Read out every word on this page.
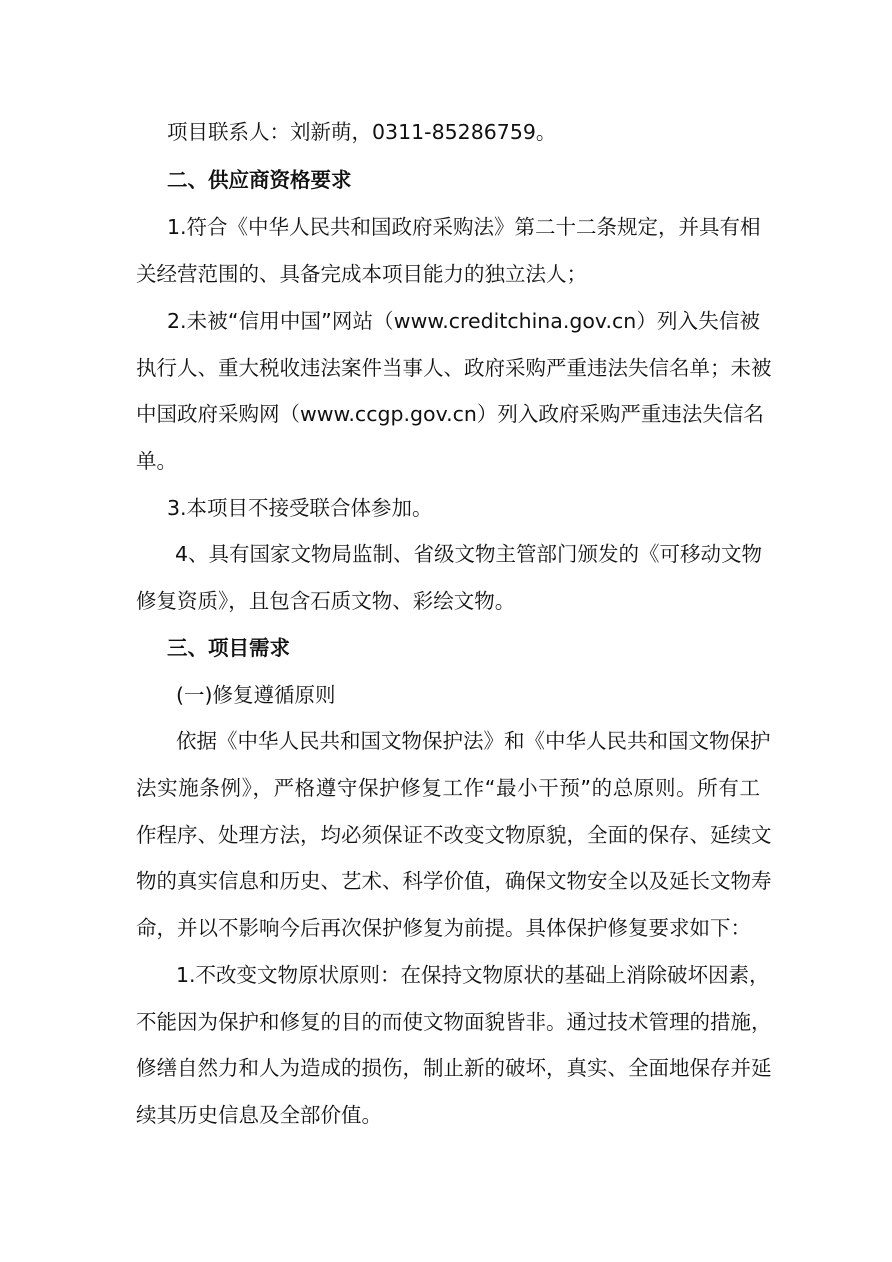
项目联系人：刘新萌，0311-85286759。
二、供应商资格要求
1.符合《中华人民共和国政府采购法》第二十二条规定，并具有相
关经营范围的、具备完成本项目能力的独立法人；
2.未被“信用中国”网站（www.creditchina.gov.cn）列入失信被
执行人、重大税收违法案件当事人、政府采购严重违法失信名单；未被
中国政府采购网（www.ccgp.gov.cn）列入政府采购严重违法失信名
单。
3.本项目不接受联合体参加。
4、具有国家文物局监制、省级文物主管部门颁发的《可移动文物
修复资质》，且包含石质文物、彩绘文物。
三、项目需求
(一)修复遵循原则
依据《中华人民共和国文物保护法》和《中华人民共和国文物保护
法实施条例》，严格遵守保护修复工作“最小干预”的总原则。所有工
作程序、处理方法，均必须保证不改变文物原貌，全面的保存、延续文
物的真实信息和历史、艺术、科学价值，确保文物安全以及延长文物寿
命，并以不影响今后再次保护修复为前提。具体保护修复要求如下：
1.不改变文物原状原则：在保持文物原状的基础上消除破坏因素，
不能因为保护和修复的目的而使文物面貌皆非。通过技术管理的措施，
修缮自然力和人为造成的损伤，制止新的破坏，真实、全面地保存并延
续其历史信息及全部价值。
